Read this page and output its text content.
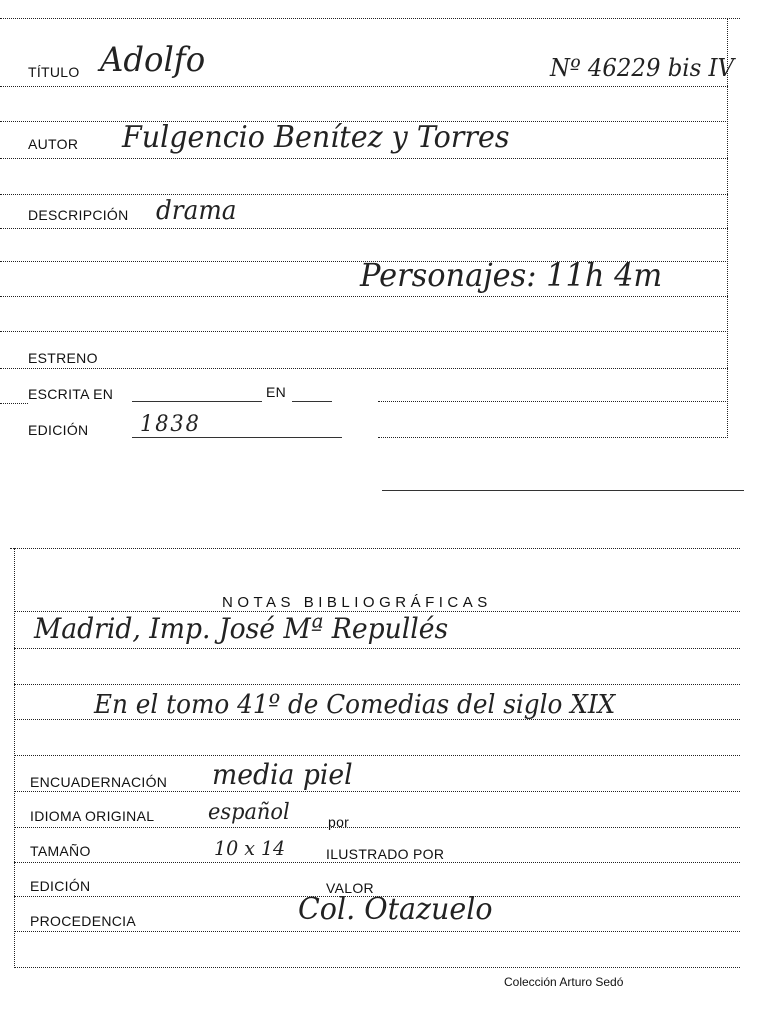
TÍTULO Adolfo	Nº 46229 bis IV
AUTOR Fulgencio Benítez y Torres
DESCRIPCIÓN drama
Personajes: 11h 4m
ESTRENO
ESCRITA EN	EN
EDICIÓN 1838
NOTAS BIBLIOGRÁFICAS
Madrid, Imp. José Mª Repullés
En el tomo 41º de Comedias del siglo XIX
ENCUADERNACIÓN media piel
IDIOMA ORIGINAL español	por
TAMAÑO	10 x 14	ILUSTRADO POR
EDICIÓN	VALOR
PROCEDENCIA	Col. Otazuelo
Colección Arturo Sedó
